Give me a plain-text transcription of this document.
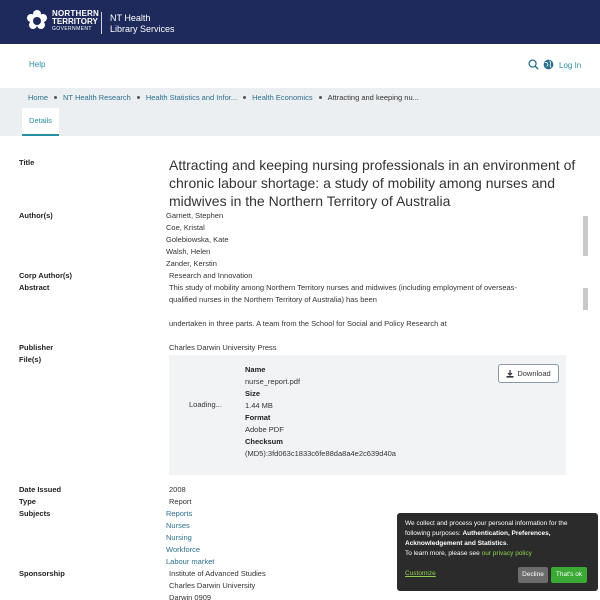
NORTHERN
TERRITORY
GOVERNMENT
NT Health
Library Services
Help	Log In
Home NT Health Research Health Statistics and Infor... Health Economics Attracting and keeping nu...
Details
Title	Attracting and keeping nursing professionals in an environment of chronic labour shortage: a study of mobility among nurses and midwives in the Northern Territory of Australia
Author(s)	Garnett, Stephen
Coe, Kristal
Golebiowska, Kate
Walsh, Helen
Zander, Kerstin
Corp Author(s)	Research and Innovation
Abstract	This study of mobility among Northern Territory nurses and midwives (including employment of overseas-
qualified nurses in the Northern Territory of Australia) has been
undertaken in three parts. A team from the School for Social and Policy Research at
Publisher	Charles Darwin University Press
File(s)
Loading...
Name
nurse_report.pdf
Size
1.44 MB
Format
Adobe PDF
Checksum
(MD5):3fd063c1833c6fe88da8a4e2c639d40a
Download
Date Issued	2008
Type	Report
Subjects	Reports
Nurses
Nursing
Workforce
Labour market
Sponsorship	Institute of Advanced Studies
Charles Darwin University
Darwin 0909
We collect and process your personal information for the following purposes: Authentication, Preferences, Acknowledgement and Statistics.
To learn more, please see our privacy policy
Customize	Decline	That's ok
